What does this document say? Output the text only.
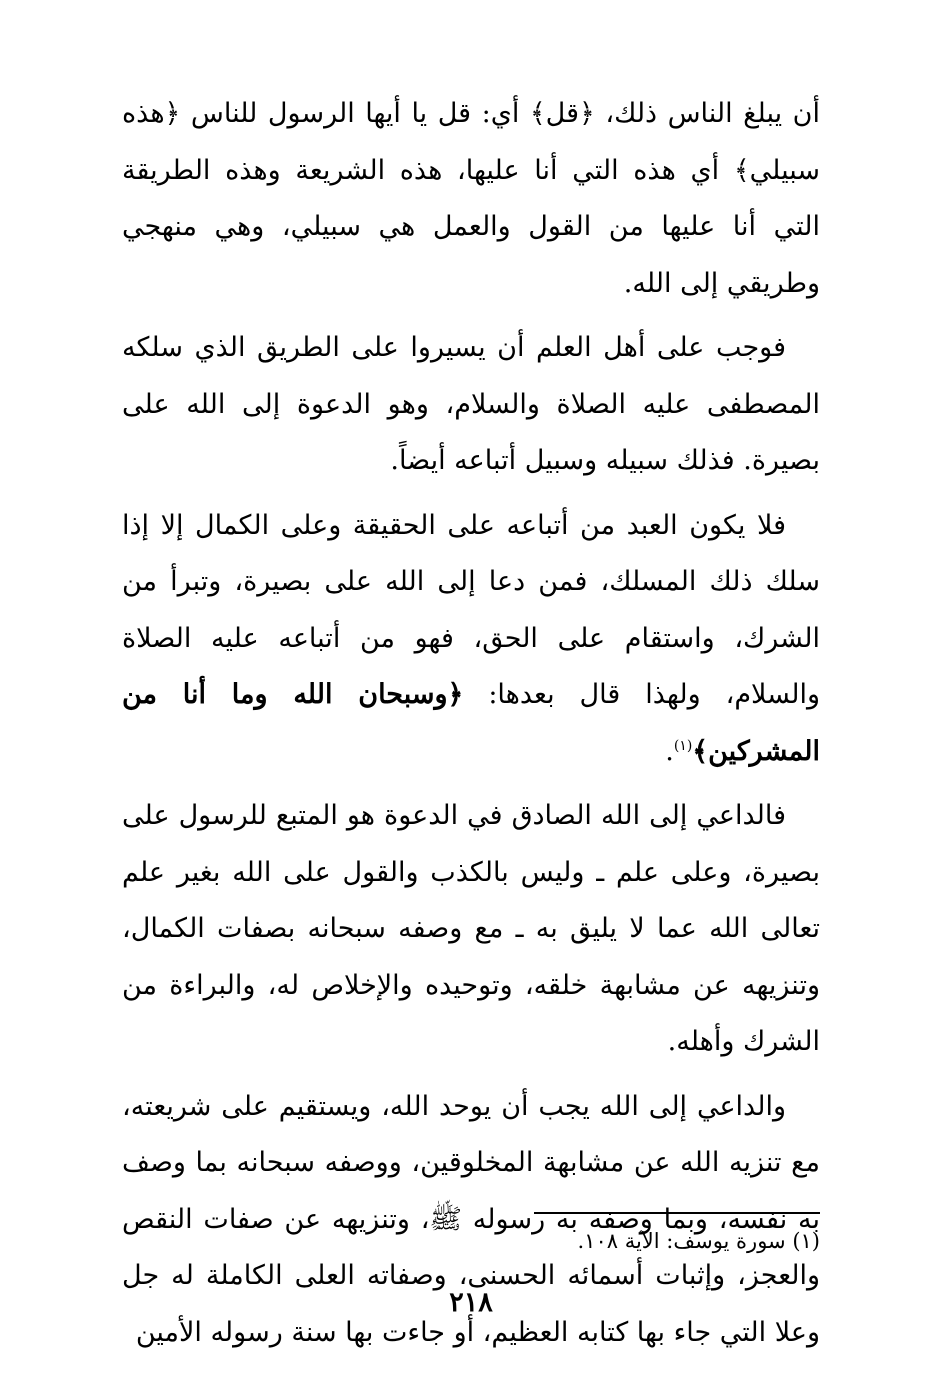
أن يبلغ الناس ذلك، ﴿قل﴾ أي: قل يا أيها الرسول للناس ﴿هذه سبيلي﴾ أي هذه التي أنا عليها، هذه الشريعة وهذه الطريقة التي أنا عليها من القول والعمل هي سبيلي، وهي منهجي وطريقي إلى الله.

فوجب على أهل العلم أن يسيروا على الطريق الذي سلكه المصطفى عليه الصلاة والسلام، وهو الدعوة إلى الله على بصيرة. فذلك سبيله وسبيل أتباعه أيضاً.

فلا يكون العبد من أتباعه على الحقيقة وعلى الكمال إلا إذا سلك ذلك المسلك، فمن دعا إلى الله على بصيرة، وتبرأ من الشرك، واستقام على الحق، فهو من أتباعه عليه الصلاة والسلام، ولهذا قال بعدها: ﴿وسبحان الله وما أنا من المشركين﴾$^{(١)}$.

فالداعي إلى الله الصادق في الدعوة هو المتبع للرسول على بصيرة، وعلى علم ـ وليس بالكذب والقول على الله بغير علم تعالى الله عما لا يليق به ـ مع وصفه سبحانه بصفات الكمال، وتنزيهه عن مشابهة خلقه، وتوحيده والإخلاص له، والبراءة من الشرك وأهله.

والداعي إلى الله يجب أن يوحد الله، ويستقيم على شريعته، مع تنزيه الله عن مشابهة المخلوقين، ووصفه سبحانه بما وصف به نفسه، وبما وصفه به رسوله ﷺ، وتنزيهه عن صفات النقص والعجز، وإثبات أسمائه الحسنى، وصفاته العلى الكاملة له جل وعلا التي جاء بها كتابه العظيم، أو جاءت بها سنة رسوله الأمين

(١) سورة يوسف: الآية ١٠٨.

٢١٨
